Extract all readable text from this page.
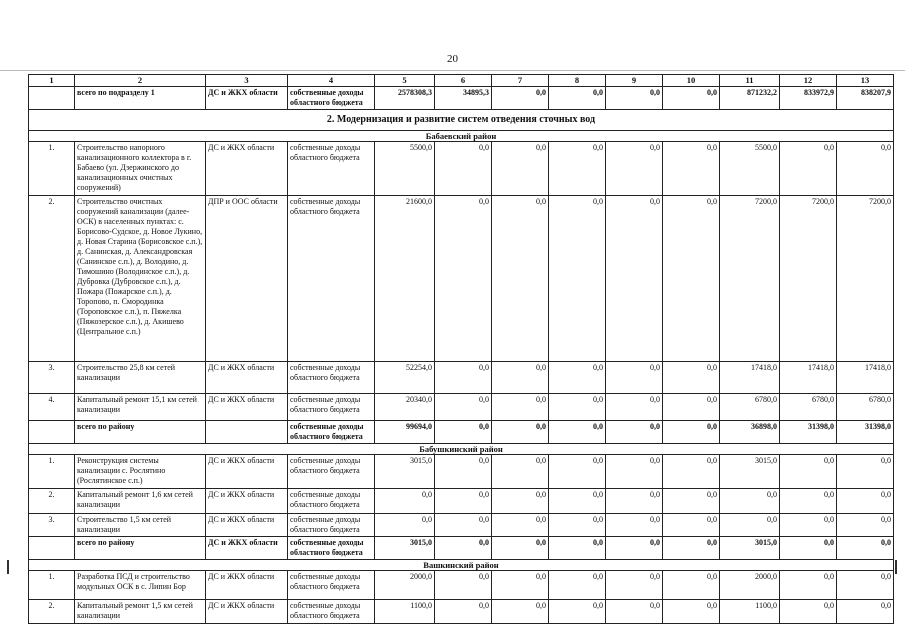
20
1	2	3	4	5	6	7	8	9	10	11	12	13
	всего по подразделу 1	ДС и ЖКХ области	собственные доходы областного бюджета	2578308,3	34895,3	0,0	0,0	0,0	0,0	871232,2	833972,9	838207,9
2. Модернизация и развитие систем отведения сточных вод												
Бабаевский район												
1.	Строительство напорного канализационного коллектора в г. Бабаево (ул. Дзержинского до канализационных очистных сооружений)	ДС и ЖКХ области	собственные доходы областного бюджета	5500,0	0,0	0,0	0,0	0,0	0,0	5500,0	0,0	0,0
2.	Строительство очистных сооружений канализации (далее-ОСК) в населенных пунктах: с. Борисово-Судское, д. Новое Лукино, д. Новая Старина (Борисовское с.п.), д. Санинская, д. Александровская (Санинское с.п.), д. Володино, д. Тимошино (Володинское с.п.), д. Дубровка (Дубровское с.п.), д. Пожара (Пожарское с.п.), д. Торопово, п. Смородинка (Тороповское с.п.), п. Пяжелка (Пяжозерское с.п.), д. Акишево (Центральное с.п.)	ДПР и ООС области	собственные доходы областного бюджета	21600,0	0,0	0,0	0,0	0,0	0,0	7200,0	7200,0	7200,0
3.	Строительство 25,8 км сетей канализации	ДС и ЖКХ области	собственные доходы областного бюджета	52254,0	0,0	0,0	0,0	0,0	0,0	17418,0	17418,0	17418,0
4.	Капитальный ремонт 15,1 км сетей канализации	ДС и ЖКХ области	собственные доходы областного бюджета	20340,0	0,0	0,0	0,0	0,0	0,0	6780,0	6780,0	6780,0
	всего по району		собственные доходы областного бюджета	99694,0	0,0	0,0	0,0	0,0	0,0	36898,0	31398,0	31398,0
Бабушкинский район												
1.	Реконструкция системы канализации с. Рослятино (Рослятинское с.п.)	ДС и ЖКХ области	собственные доходы областного бюджета	3015,0	0,0	0,0	0,0	0,0	0,0	3015,0	0,0	0,0
2.	Капитальный ремонт 1,6 км сетей канализации	ДС и ЖКХ области	собственные доходы областного бюджета	0,0	0,0	0,0	0,0	0,0	0,0	0,0	0,0	0,0
3.	Строительство 1,5 км сетей канализации	ДС и ЖКХ области	собственные доходы областного бюджета	0,0	0,0	0,0	0,0	0,0	0,0	0,0	0,0	0,0
	всего по району	ДС и ЖКХ области	собственные доходы областного бюджета	3015,0	0,0	0,0	0,0	0,0	0,0	3015,0	0,0	0,0
Вашкинский район												
1.	Разработка ПСД и строительство модульных ОСК в с. Липин Бор	ДС и ЖКХ области	собственные доходы областного бюджета	2000,0	0,0	0,0	0,0	0,0	0,0	2000,0	0,0	0,0
2.	Капитальный ремонт 1,5 км сетей канализации	ДС и ЖКХ области	собственные доходы областного бюджета	1100,0	0,0	0,0	0,0	0,0	0,0	1100,0	0,0	0,0
